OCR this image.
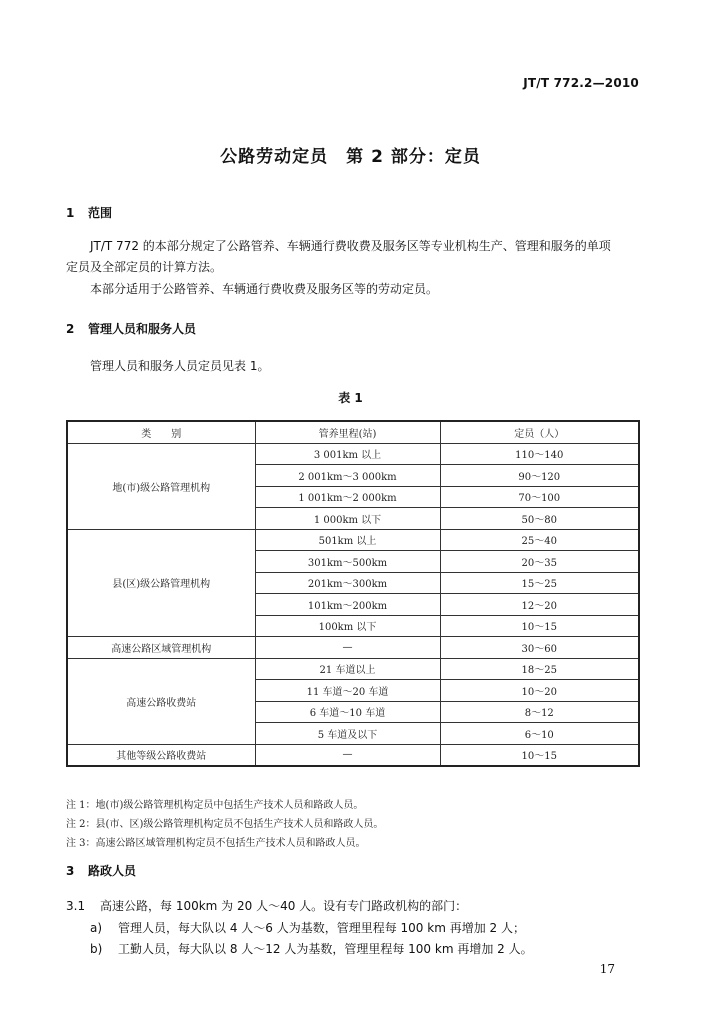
JT/T 772.2—2010
公路劳动定员　第 2 部分：定员
1 范围
JT/T 772 的本部分规定了公路管养、车辆通行费收费及服务区等专业机构生产、管理和服务的单项
定员及全部定员的计算方法。
本部分适用于公路管养、车辆通行费收费及服务区等的劳动定员。
2 管理人员和服务人员
管理人员和服务人员定员见表 1。
表 1
类　　别	管养里程(站)	定员（人）
地(市)级公路管理机构	3 001km 以上	110～140
	2 001km～3 000km	90～120
	1 001km～2 000km	70～100
	1 000km 以下	50～80
县(区)级公路管理机构	501km 以上	25～40
	301km～500km	20～35
	201km～300km	15～25
	101km～200km	12～20
	100km 以下	10～15
高速公路区域管理机构	—	30～60
高速公路收费站	21 车道以上	18～25
	11 车道～20 车道	10～20
	6 车道～10 车道	8～12
	5 车道及以下	6～10
其他等级公路收费站	—	10～15
注 1：地(市)级公路管理机构定员中包括生产技术人员和路政人员。
注 2：县(市、区)级公路管理机构定员不包括生产技术人员和路政人员。
注 3：高速公路区域管理机构定员不包括生产技术人员和路政人员。
3 路政人员
3.1 高速公路，每 100km 为 20 人～40 人。设有专门路政机构的部门：
a) 管理人员，每大队以 4 人～6 人为基数，管理里程每 100 km 再增加 2 人；
b) 工勤人员，每大队以 8 人～12 人为基数，管理里程每 100 km 再增加 2 人。
17
